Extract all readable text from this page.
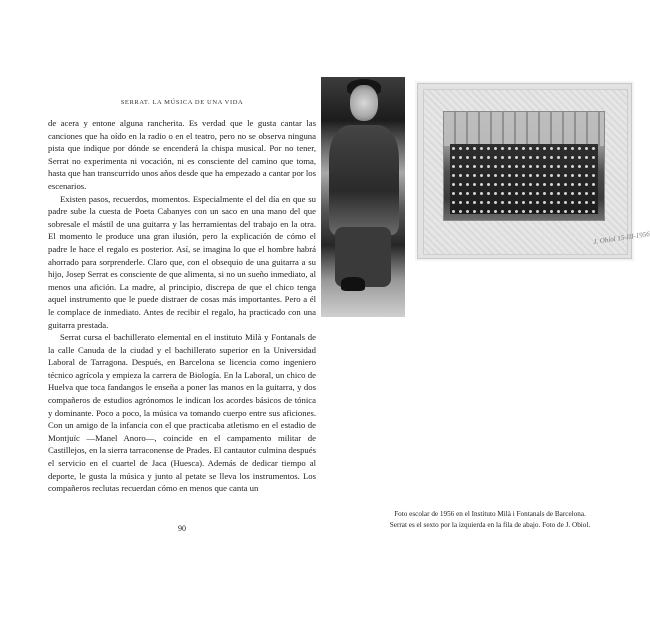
SERRAT. LA MÚSICA DE UNA VIDA

de acera y entone alguna rancherita. Es verdad que le gusta cantar las canciones que ha oído en la radio o en el teatro, pero no se observa ninguna pista que indique por dónde se encenderá la chispa musical. Por no tener, Serrat no experimenta ni vocación, ni es consciente del camino que toma, hasta que han transcurrido unos años desde que ha empezado a cantar por los escenarios.

Existen pasos, recuerdos, momentos. Especialmente el del día en que su padre sube la cuesta de Poeta Cabanyes con un saco en una mano del que sobresale el mástil de una guitarra y las herramientas del trabajo en la otra. El momento le produce una gran ilusión, pero la explicación de cómo el padre le hace el regalo es posterior. Así, se imagina lo que el hombre habrá ahorrado para sorprenderle. Claro que, con el obsequio de una guitarra a su hijo, Josep Serrat es consciente de que alimenta, si no un sueño inmediato, al menos una afición. La madre, al principio, discrepa de que el chico tenga aquel instrumento que le puede distraer de cosas más importantes. Pero a él le complace de inmediato. Antes de recibir el regalo, ha practicado con una guitarra prestada.

Serrat cursa el bachillerato elemental en el instituto Milà y Fontanals de la calle Canuda de la ciudad y el bachillerato superior en la Universidad Laboral de Tarragona. Después, en Barcelona se licencia como ingeniero técnico agrícola y empieza la carrera de Biología. En la Laboral, un chico de Huelva que toca fandangos le enseña a poner las manos en la guitarra, y dos compañeros de estudios agrónomos le indican los acordes básicos de tónica y dominante. Poco a poco, la música va tomando cuerpo entre sus aficiones. Con un amigo de la infancia con el que practicaba atletismo en el estadio de Montjuïc —Manel Anoro—, coincide en el campamento militar de Castillejos, en la sierra tarraconense de Prades. El cantautor culmina después el servicio en el cuartel de Jaca (Huesca). Además de dedicar tiempo al deporte, le gusta la música y junto al petate se lleva los instrumentos. Los compañeros reclutas recuerdan cómo en menos que canta un

90
J. Obiol 15-III-1956
Foto escolar de 1956 en el Instituto Milà i Fontanals de Barcelona.
Serrat es el sexto por la izquierda en la fila de abajo. Foto de J. Obiol.
